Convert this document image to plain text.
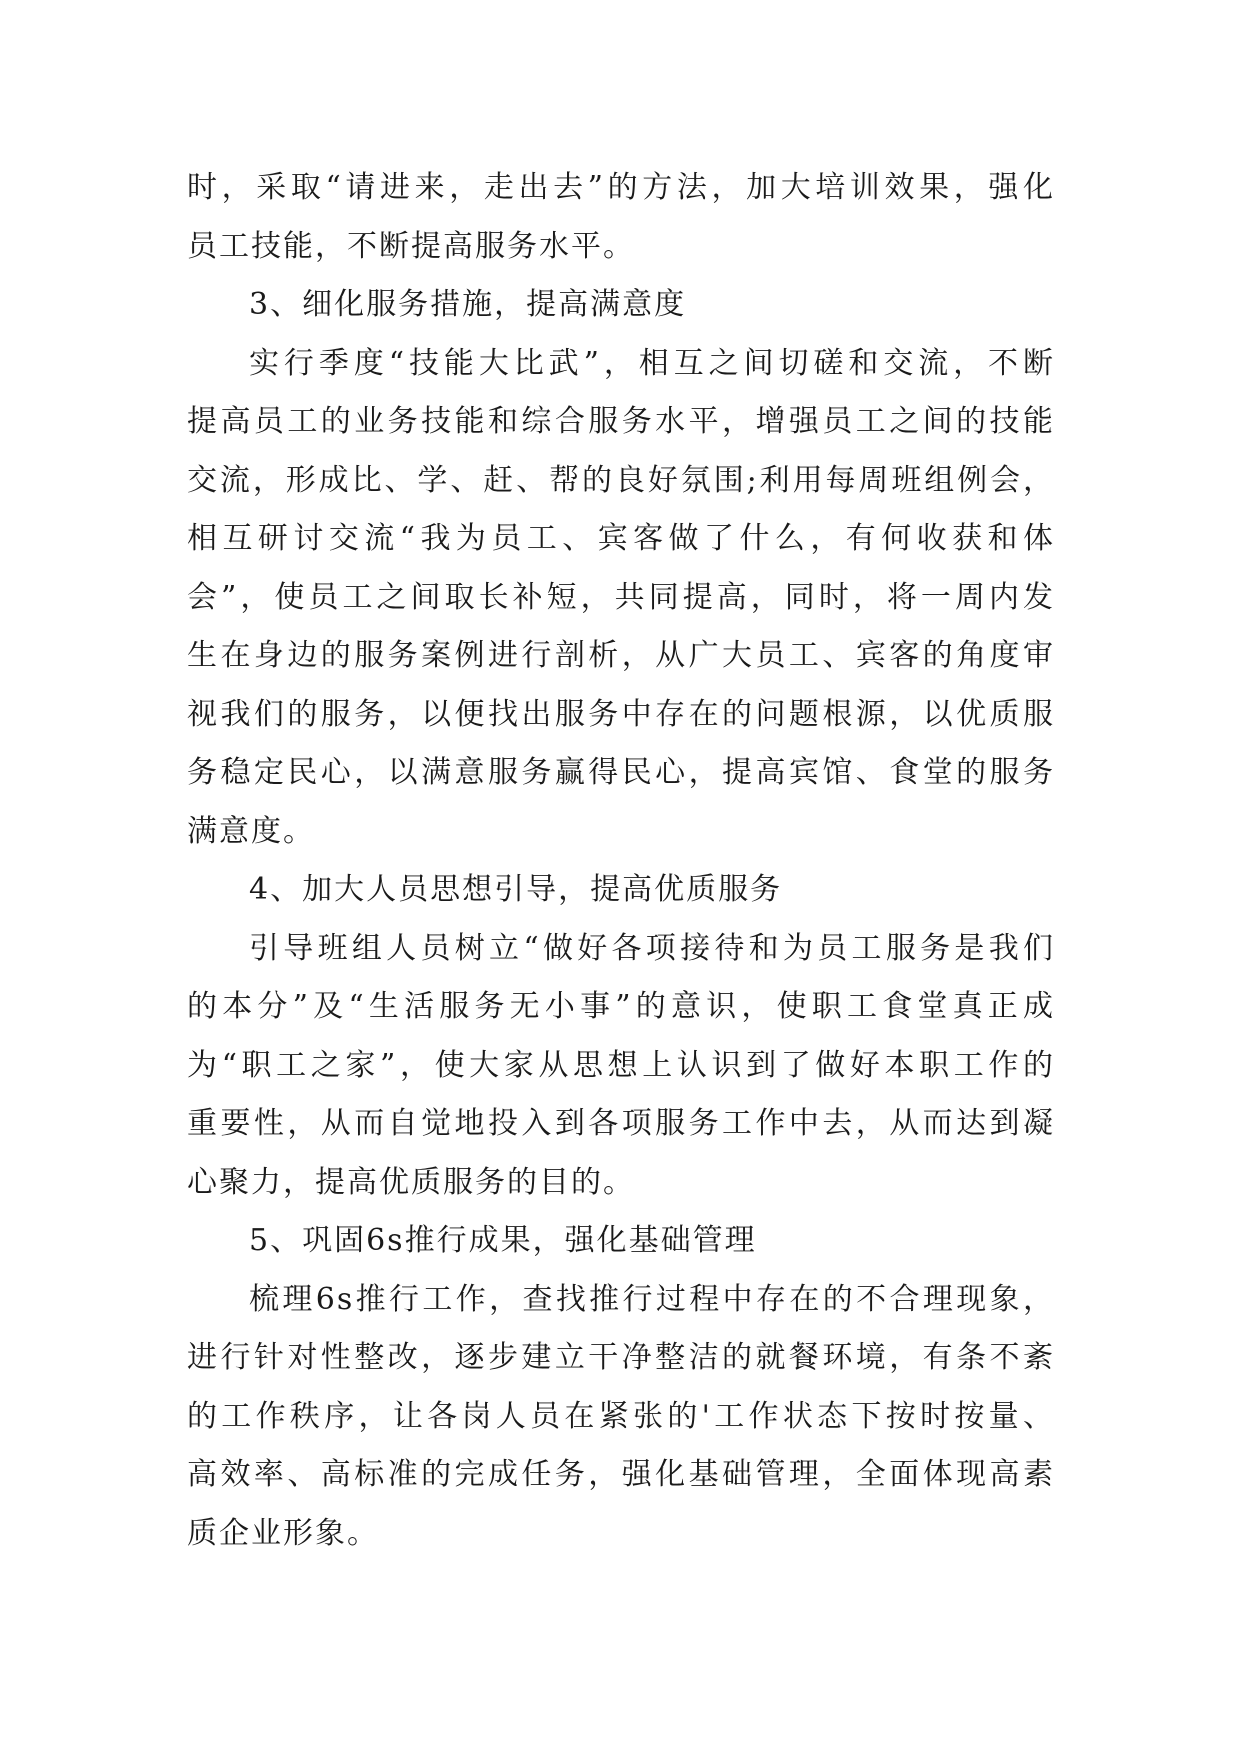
时，采取“请进来，走出去”的方法，加大培训效果，强化
员工技能，不断提高服务水平。
3、细化服务措施，提高满意度
实行季度“技能大比武”，相互之间切磋和交流，不断
提高员工的业务技能和综合服务水平，增强员工之间的技能
交流，形成比、学、赶、帮的良好氛围;利用每周班组例会，
相互研讨交流“我为员工、宾客做了什么，有何收获和体
会”，使员工之间取长补短，共同提高，同时，将一周内发
生在身边的服务案例进行剖析，从广大员工、宾客的角度审
视我们的服务，以便找出服务中存在的问题根源，以优质服
务稳定民心，以满意服务赢得民心，提高宾馆、食堂的服务
满意度。
4、加大人员思想引导，提高优质服务
引导班组人员树立“做好各项接待和为员工服务是我们
的本分”及“生活服务无小事”的意识，使职工食堂真正成
为“职工之家”，使大家从思想上认识到了做好本职工作的
重要性，从而自觉地投入到各项服务工作中去，从而达到凝
心聚力，提高优质服务的目的。
5、巩固6s推行成果，强化基础管理
梳理6s推行工作，查找推行过程中存在的不合理现象，
进行针对性整改，逐步建立干净整洁的就餐环境，有条不紊
的工作秩序，让各岗人员在紧张的'工作状态下按时按量、
高效率、高标准的完成任务，强化基础管理，全面体现高素
质企业形象。
